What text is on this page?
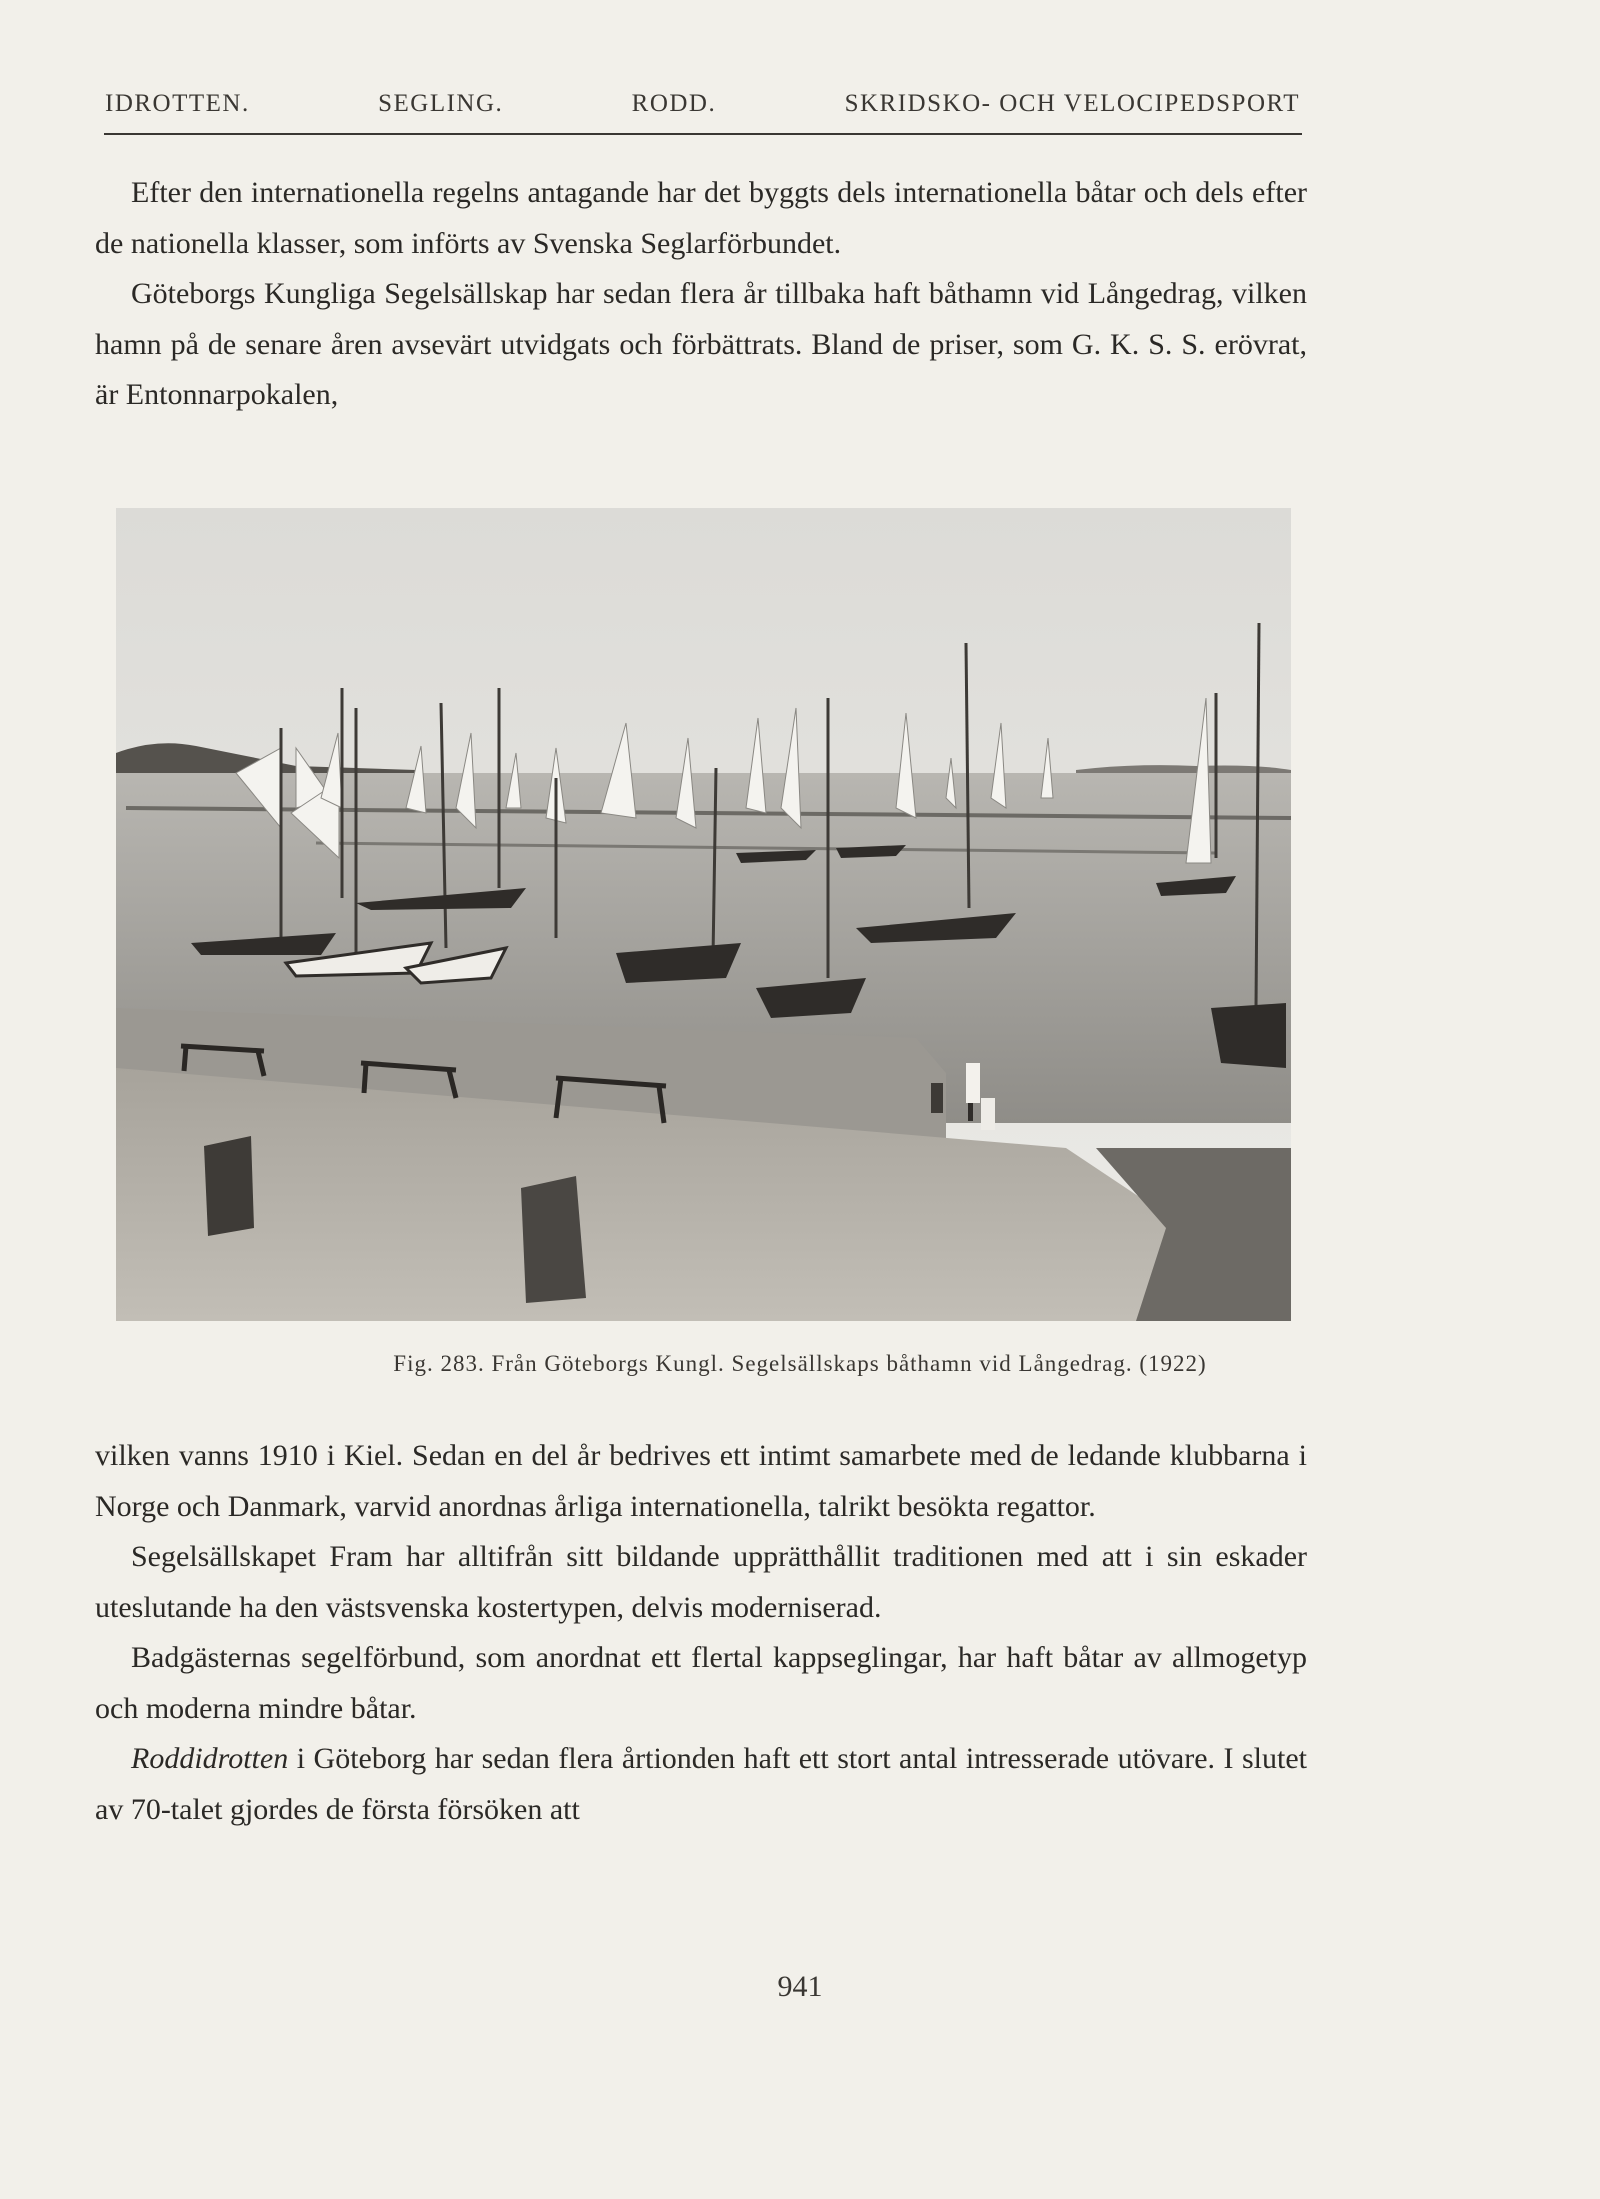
IDROTTEN.	SEGLING.	RODD.	SKRIDSKO- OCH VELOCIPEDSPORT

Efter den internationella regelns antagande har det byggts dels internationella båtar och dels efter de nationella klasser, som införts av Svenska Seglarförbundet.

Göteborgs Kungliga Segelsällskap har sedan flera år tillbaka haft båthamn vid Långedrag, vilken hamn på de senare åren avsevärt utvidgats och förbättrats. Bland de priser, som G. K. S. S. erövrat, är Entonnarpokalen,

Fig. 283. Från Göteborgs Kungl. Segelsällskaps båthamn vid Långedrag. (1922)

vilken vanns 1910 i Kiel. Sedan en del år bedrives ett intimt samarbete med de ledande klubbarna i Norge och Danmark, varvid anordnas årliga internationella, talrikt besökta regattor.

Segelsällskapet Fram har alltifrån sitt bildande upprätthållit traditionen med att i sin eskader uteslutande ha den västsvenska kostertypen, delvis moderniserad.

Badgästernas segelförbund, som anordnat ett flertal kappseglingar, har haft båtar av allmogetyp och moderna mindre båtar.

Roddidrotten i Göteborg har sedan flera årtionden haft ett stort antal intresserade utövare. I slutet av 70-talet gjordes de första försöken att

941
